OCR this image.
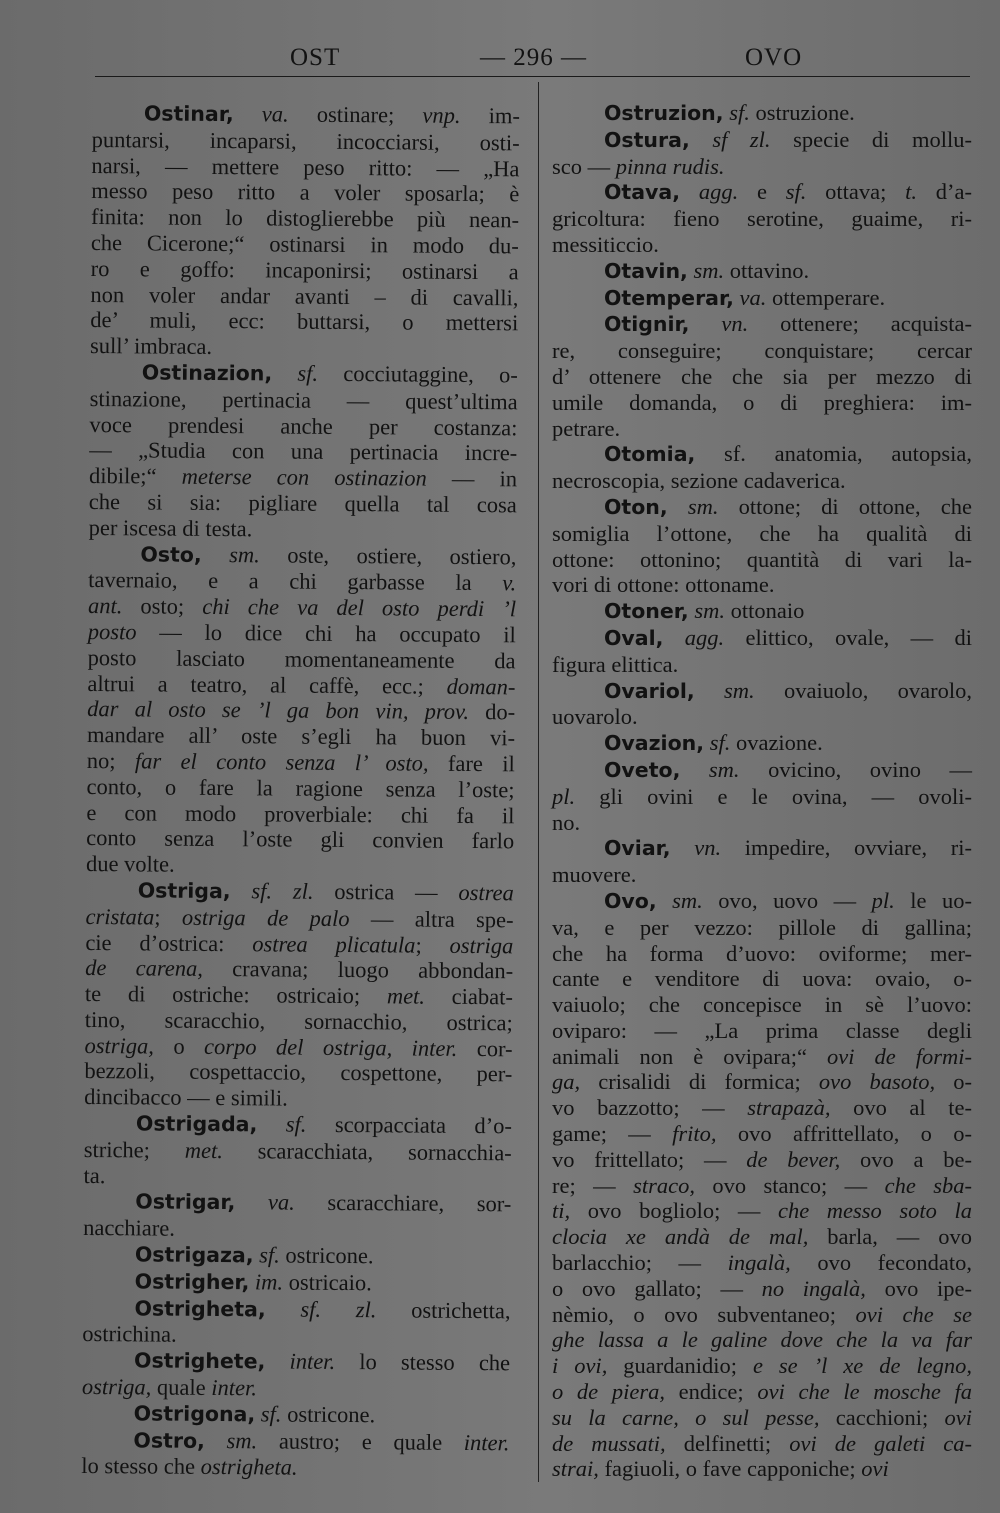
OST	— 296 —	OVO
Ostinar, va. ostinare; vnp. im-
puntarsi, incaparsi, incocciarsi, osti-
narsi, — mettere peso ritto: — „Ha
messo peso ritto a voler sposarla; è
finita: non lo distoglierebbe più nean-
che Cicerone;“ ostinarsi in modo du-
ro e goffo: incaponirsi; ostinarsi a
non voler andar avanti – di cavalli,
de’ muli, ecc: buttarsi, o mettersi
sull’ imbraca.
Ostinazion, sf. cocciutaggine, o-
stinazione, pertinacia — quest’ultima
voce prendesi anche per costanza:
— „Studia con una pertinacia incre-
dibile;“ meterse con ostinazion — in
che si sia: pigliare quella tal cosa
per iscesa di testa.
Osto, sm. oste, ostiere, ostiero,
tavernaio, e a chi garbasse la v.
ant. osto; chi che va del osto perdi ’l
posto — lo dice chi ha occupato il
posto lasciato momentaneamente da
altrui a teatro, al caffè, ecc.; doman-
dar al osto se ’l ga bon vin, prov. do-
mandare all’ oste s’egli ha buon vi-
no; far el conto senza l’ osto, fare il
conto, o fare la ragione senza l’oste;
e con modo proverbiale: chi fa il
conto senza l’oste gli convien farlo
due volte.
Ostriga, sf. zl. ostrica — ostrea
cristata; ostriga de palo — altra spe-
cie d’ostrica: ostrea plicatula; ostriga
de carena, cravana; luogo abbondan-
te di ostriche: ostricaio; met. ciabat-
tino, scaracchio, sornacchio, ostrica;
ostriga, o corpo del ostriga, inter. cor-
bezzoli, cospettaccio, cospettone, per-
dincibacco — e simili.
Ostrigada, sf. scorpacciata d’o-
striche; met. scaracchiata, sornacchia-
ta.
Ostrigar, va. scaracchiare, sor-
nacchiare.
Ostrigaza, sf. ostricone.
Ostrigher, im. ostricaio.
Ostrigheta, sf. zl. ostrichetta,
ostrichina.
Ostrighete, inter. lo stesso che
ostriga, quale inter.
Ostrigona, sf. ostricone.
Ostro, sm. austro; e quale inter.
lo stesso che ostrigheta.
Ostruzion, sf. ostruzione.
Ostura, sf zl. specie di mollu-
sco — pinna rudis.
Otava, agg. e sf. ottava; t. d’a-
gricoltura: fieno serotine, guaime, ri-
messiticcio.
Otavin, sm. ottavino.
Otemperar, va. ottemperare.
Otignir, vn. ottenere; acquista-
re, conseguire; conquistare; cercar
d’ ottenere che che sia per mezzo di
umile domanda, o di preghiera: im-
petrare.
Otomia, sf. anatomia, autopsia,
necroscopia, sezione cadaverica.
Oton, sm. ottone; di ottone, che
somiglia l’ottone, che ha qualità di
ottone: ottonino; quantità di vari la-
vori di ottone: ottoname.
Otoner, sm. ottonaio
Oval, agg. elittico, ovale, — di
figura elittica.
Ovariol, sm. ovaiuolo, ovarolo,
uovarolo.
Ovazion, sf. ovazione.
Oveto, sm. ovicino, ovino —
pl. gli ovini e le ovina, — ovoli-
no.
Oviar, vn. impedire, ovviare, ri-
muovere.
Ovo, sm. ovo, uovo — pl. le uo-
va, e per vezzo: pillole di gallina;
che ha forma d’uovo: oviforme; mer-
cante e venditore di uova: ovaio, o-
vaiuolo; che concepisce in sè l’uovo:
oviparo: — „La prima classe degli
animali non è ovipara;“ ovi de formi-
ga, crisalidi di formica; ovo basoto, o-
vo bazzotto; — strapazà, ovo al te-
game; — frito, ovo affrittellato, o o-
vo frittellato; — de bever, ovo a be-
re; — straco, ovo stanco; — che sba-
ti, ovo bogliolo; — che messo soto la
clocia xe andà de mal, barla, — ovo
barlacchio; — ingalà, ovo fecondato,
o ovo gallato; — no ingalà, ovo ipe-
nèmio, o ovo subventaneo; ovi che se
ghe lassa a le galine dove che la va far
i ovi, guardanidio; e se ’l xe de legno,
o de piera, endice; ovi che le mosche fa
su la carne, o sul pesse, cacchioni; ovi
de mussati, delfinetti; ovi de galeti ca-
strai, fagiuoli, o fave capponiche; ovi
